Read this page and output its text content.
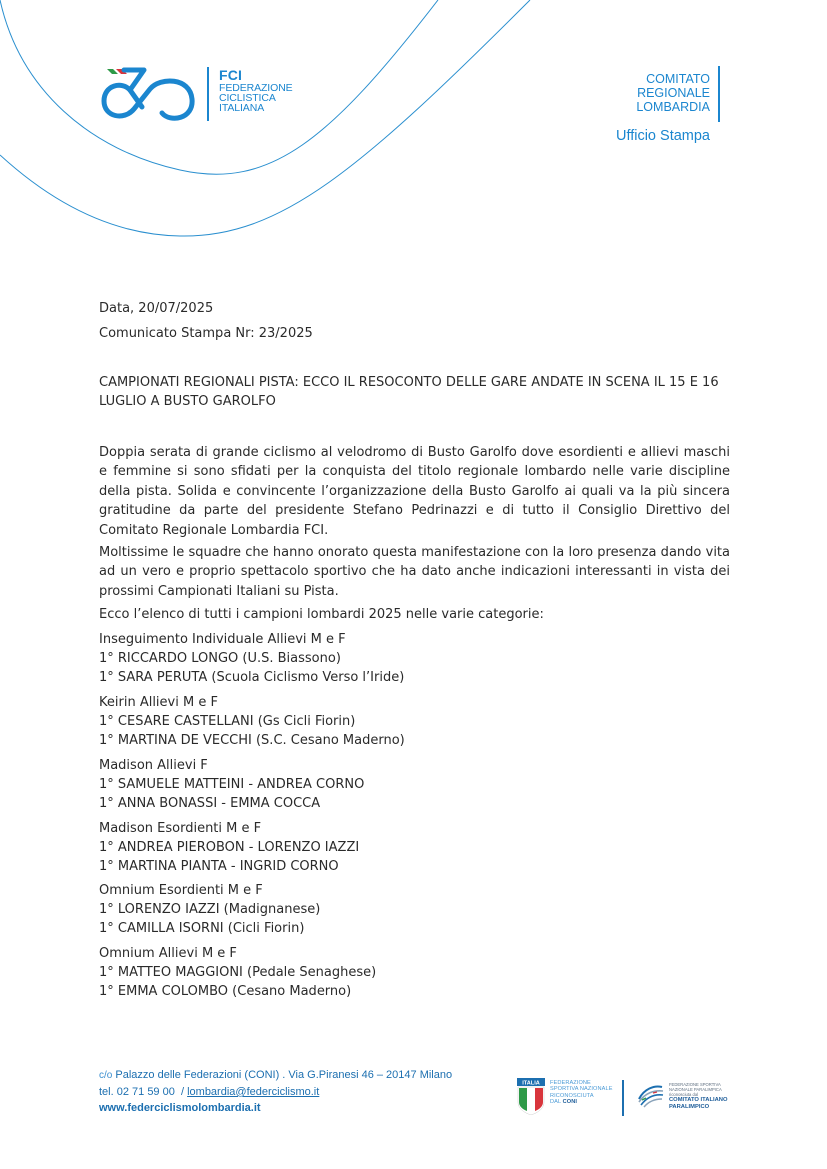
FCI
FEDERAZIONE
CICLISTICA
ITALIANA
COMITATO
REGIONALE
LOMBARDIA
Ufficio Stampa

Data, 20/07/2025

Comunicato Stampa Nr: 23/2025

CAMPIONATI REGIONALI PISTA: ECCO IL RESOCONTO DELLE GARE ANDATE IN SCENA IL 15 E 16 LUGLIO A BUSTO GAROLFO

Doppia serata di grande ciclismo al velodromo di Busto Garolfo dove esordienti e allievi maschi e femmine si sono sfidati per la conquista del titolo regionale lombardo nelle varie discipline della pista. Solida e convincente l’organizzazione della Busto Garolfo ai quali va la più sincera gratitudine da parte del presidente Stefano Pedrinazzi e di tutto il Consiglio Direttivo del Comitato Regionale Lombardia FCI.

Moltissime le squadre che hanno onorato questa manifestazione con la loro presenza dando vita ad un vero e proprio spettacolo sportivo che ha dato anche indicazioni interessanti in vista dei prossimi Campionati Italiani su Pista.

Ecco l’elenco di tutti i campioni lombardi 2025 nelle varie categorie:

Inseguimento Individuale Allievi M e F
1° RICCARDO LONGO (U.S. Biassono)
1° SARA PERUTA (Scuola Ciclismo Verso l’Iride)
Keirin Allievi M e F
1° CESARE CASTELLANI (Gs Cicli Fiorin)
1° MARTINA DE VECCHI (S.C. Cesano Maderno)
Madison Allievi F
1° SAMUELE MATTEINI - ANDREA CORNO
1° ANNA BONASSI - EMMA COCCA
Madison Esordienti M e F
1° ANDREA PIEROBON - LORENZO IAZZI
1° MARTINA PIANTA - INGRID CORNO
Omnium Esordienti M e F
1° LORENZO IAZZI (Madignanese)
1° CAMILLA ISORNI (Cicli Fiorin)
Omnium Allievi M e F
1° MATTEO MAGGIONI (Pedale Senaghese)
1° EMMA COLOMBO (Cesano Maderno)
c/o Palazzo delle Federazioni (CONI) . Via G.Piranesi 46 – 20147 Milano
tel. 02 71 59 00 / lombardia@federciclismo.it
www.federciclismolombardia.it
ITALIA FEDERAZIONE
SPORTIVA NAZIONALE
RICONOSCIUTA
DAL CONI
FEDERAZIONE SPORTIVA
NAZIONALE PARALIMPICA
riconosciuta dal
COMITATO ITALIANO
PARALIMPICO
